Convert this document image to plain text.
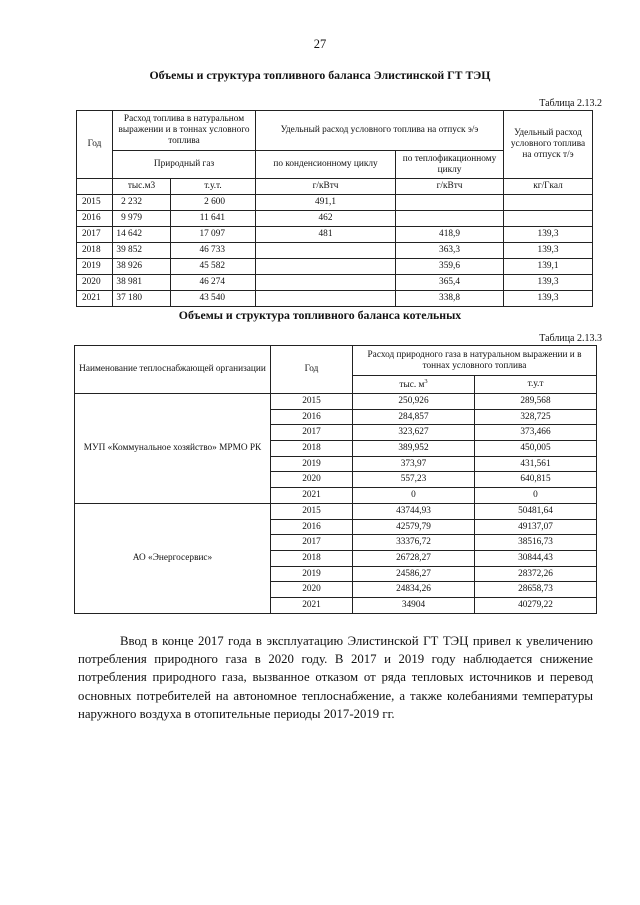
27
Объемы и структура топливного баланса Элистинской ГТ ТЭЦ
Таблица 2.13.2
Год	Расход топлива в натуральном выражении и в тоннах условного топлива		Удельный расход условного топлива на отпуск э/э		Удельный расход условного топлива на отпуск т/э
	Природный газ		по конденсионному циклу	по теплофикационному циклу	
	тыс.м3	т.у.т.	г/кВтч	г/кВтч	кг/Гкал
2015	2 232	2 600	491,1		
2016	9 979	11 641	462		
2017	14 642	17 097	481	418,9	139,3
2018	39 852	46 733		363,3	139,3
2019	38 926	45 582		359,6	139,1
2020	38 981	46 274		365,4	139,3
2021	37 180	43 540		338,8	139,3
Объемы и структура топливного баланса котельных
Таблица 2.13.3
Наименование теплоснабжающей организации	Год	Расход природного газа в натуральном выражении и в тоннах условного топлива	
		тыс. $м^3$	т.у.т
МУП «Коммунальное хозяйство» МРМО РК	2015	250,926	289,568
	2016	284,857	328,725
	2017	323,627	373,466
	2018	389,952	450,005
	2019	373,97	431,561
	2020	557,23	640,815
	2021	0	0
АО «Энергосервис»	2015	43744,93	50481,64
	2016	42579,79	49137,07
	2017	33376,72	38516,73
	2018	26728,27	30844,43
	2019	24586,27	28372,26
	2020	24834,26	28658,73
	2021	34904	40279,22

Ввод в конце 2017 года в эксплуатацию Элистинской ГТ ТЭЦ привел к увеличению потребления природного газа в 2020 году. В 2017 и 2019 году наблюдается снижение потребления природного газа, вызванное отказом от ряда тепловых источников и перевод основных потребителей на автономное теплоснабжение, а также колебаниями температуры наружного воздуха в отопительные периоды 2017-2019 гг.
